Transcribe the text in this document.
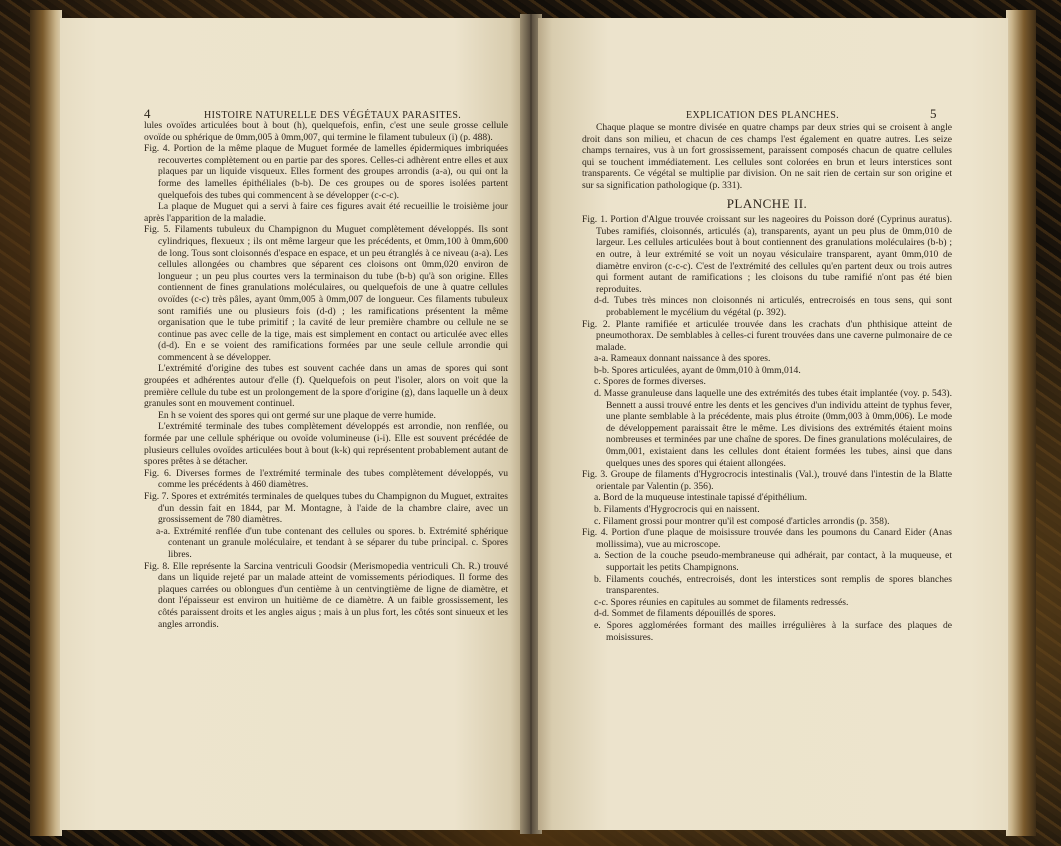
4	HISTOIRE NATURELLE DES VÉGÉTAUX PARASITES.

lules ovoïdes articulées bout à bout (h), quelquefois, enfin, c'est une seule grosse cellule ovoïde ou sphérique de 0mm,005 à 0mm,007, qui termine le filament tubuleux (i) (p. 488).

Fig. 4. Portion de la même plaque de Muguet formée de lamelles épidermiques imbriquées recouvertes complètement ou en partie par des spores. Celles-ci adhèrent entre elles et aux plaques par un liquide visqueux. Elles forment des groupes arrondis (a-a), ou qui ont la forme des lamelles épithéliales (b-b). De ces groupes ou de spores isolées partent quelquefois des tubes qui commencent à se développer (c-c-c).

La plaque de Muguet qui a servi à faire ces figures avait été recueillie le troisième jour après l'apparition de la maladie.

Fig. 5. Filaments tubuleux du Champignon du Muguet complètement développés. Ils sont cylindriques, flexueux ; ils ont même largeur que les précédents, et 0mm,100 à 0mm,600 de long. Tous sont cloisonnés d'espace en espace, et un peu étranglés à ce niveau (a-a). Les cellules allongées ou chambres que séparent ces cloisons ont 0mm,020 environ de longueur ; un peu plus courtes vers la terminaison du tube (b-b) qu'à son origine. Elles contiennent de fines granulations moléculaires, ou quelquefois de une à quatre cellules ovoïdes (c-c) très pâles, ayant 0mm,005 à 0mm,007 de longueur. Ces filaments tubuleux sont ramifiés une ou plusieurs fois (d-d) ; les ramifications présentent la même organisation que le tube primitif ; la cavité de leur première chambre ou cellule ne se continue pas avec celle de la tige, mais est simplement en contact ou articulée avec elles (d-d). En e se voient des ramifications formées par une seule cellule arrondie qui commencent à se développer.

L'extrémité d'origine des tubes est souvent cachée dans un amas de spores qui sont groupées et adhérentes autour d'elle (f). Quelquefois on peut l'isoler, alors on voit que la première cellule du tube est un prolongement de la spore d'origine (g), dans laquelle un à deux granules sont en mouvement continuel.

En h se voient des spores qui ont germé sur une plaque de verre humide.

L'extrémité terminale des tubes complètement développés est arrondie, non renflée, ou formée par une cellule sphérique ou ovoïde volumineuse (i-i). Elle est souvent précédée de plusieurs cellules ovoïdes articulées bout à bout (k-k) qui représentent probablement autant de spores prêtes à se détacher.

Fig. 6. Diverses formes de l'extrémité terminale des tubes complètement développés, vu comme les précédents à 460 diamètres.

Fig. 7. Spores et extrémités terminales de quelques tubes du Champignon du Muguet, extraites d'un dessin fait en 1844, par M. Montagne, à l'aide de la chambre claire, avec un grossissement de 780 diamètres.

a-a. Extrémité renflée d'un tube contenant des cellules ou spores. b. Extrémité sphérique contenant un granule moléculaire, et tendant à se séparer du tube principal. c. Spores libres.

Fig. 8. Elle représente la Sarcina ventriculi Goodsir (Merismopedia ventriculi Ch. R.) trouvé dans un liquide rejeté par un malade atteint de vomissements périodiques. Il forme des plaques carrées ou oblongues d'un centième à un centvingtième de ligne de diamètre, et dont l'épaisseur est environ un huitième de ce diamètre. A un faible grossissement, les côtés paraissent droits et les angles aigus ; mais à un plus fort, les côtés sont sinueux et les angles arrondis.

EXPLICATION DES PLANCHES.	5

Chaque plaque se montre divisée en quatre champs par deux stries qui se croisent à angle droit dans son milieu, et chacun de ces champs l'est également en quatre autres. Les seize champs ternaires, vus à un fort grossissement, paraissent composés chacun de quatre cellules qui se touchent immédiatement. Les cellules sont colorées en brun et leurs interstices sont transparents. Ce végétal se multiplie par division. On ne sait rien de certain sur son origine et sur sa signification pathologique (p. 331).

PLANCHE II.

Fig. 1. Portion d'Algue trouvée croissant sur les nageoires du Poisson doré (Cyprinus auratus). Tubes ramifiés, cloisonnés, articulés (a), transparents, ayant un peu plus de 0mm,010 de largeur. Les cellules articulées bout à bout contiennent des granulations moléculaires (b-b) ; en outre, à leur extrémité se voit un noyau vésiculaire transparent, ayant 0mm,010 de diamètre environ (c-c-c). C'est de l'extrémité des cellules qu'en partent deux ou trois autres qui forment autant de ramifications ; les cloisons du tube ramifié n'ont pas été bien reproduites.

d-d. Tubes très minces non cloisonnés ni articulés, entrecroisés en tous sens, qui sont probablement le mycélium du végétal (p. 392).

Fig. 2. Plante ramifiée et articulée trouvée dans les crachats d'un phthisique atteint de pneumothorax. De semblables à celles-ci furent trouvées dans une caverne pulmonaire de ce malade.

a-a. Rameaux donnant naissance à des spores.

b-b. Spores articulées, ayant de 0mm,010 à 0mm,014.

c. Spores de formes diverses.

d. Masse granuleuse dans laquelle une des extrémités des tubes était implantée (voy. p. 543). Bennett a aussi trouvé entre les dents et les gencives d'un individu atteint de typhus fever, une plante semblable à la précédente, mais plus étroite (0mm,003 à 0mm,006). Le mode de développement paraissait être le même. Les divisions des extrémités étaient moins nombreuses et terminées par une chaîne de spores. De fines granulations moléculaires, de 0mm,001, existaient dans les cellules dont étaient formées les tubes, ainsi que dans quelques unes des spores qui étaient allongées.

Fig. 3. Groupe de filaments d'Hygrocrocis intestinalis (Val.), trouvé dans l'intestin de la Blatte orientale par Valentin (p. 356).

a. Bord de la muqueuse intestinale tapissé d'épithélium.

b. Filaments d'Hygrocrocis qui en naissent.

c. Filament grossi pour montrer qu'il est composé d'articles arrondis (p. 358).

Fig. 4. Portion d'une plaque de moisissure trouvée dans les poumons du Canard Eider (Anas mollissima), vue au microscope.

a. Section de la couche pseudo-membraneuse qui adhérait, par contact, à la muqueuse, et supportait les petits Champignons.

b. Filaments couchés, entrecroisés, dont les interstices sont remplis de spores blanches transparentes.

c-c. Spores réunies en capitules au sommet de filaments redressés.

d-d. Sommet de filaments dépouillés de spores.

e. Spores agglomérées formant des mailles irrégulières à la surface des plaques de moisissures.
